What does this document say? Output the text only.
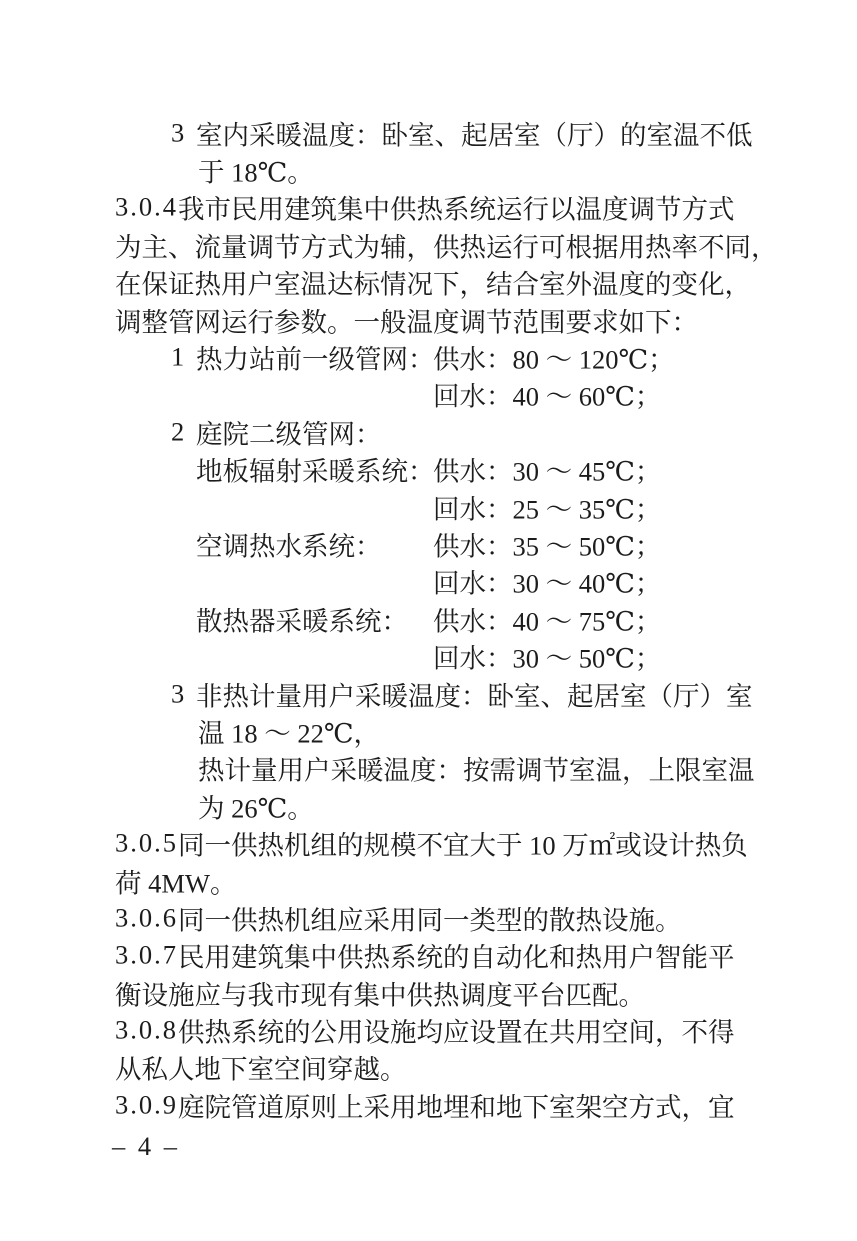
3 室内采暖温度：卧室、起居室（厅）的室温不低
于 18℃。
3.0.4 我市民用建筑集中供热系统运行以温度调节方式
为主、流量调节方式为辅，供热运行可根据用热率不同，
在保证热用户室温达标情况下，结合室外温度的变化，
调整管网运行参数。一般温度调节范围要求如下：
1 热力站前一级管网：
供水：80 ～ 120℃；
回水：40 ～ 60℃；
2 庭院二级管网：
地板辐射采暖系统：
供水：30 ～ 45℃；
回水：25 ～ 35℃；
空调热水系统： 供水：35 ～ 50℃；
回水：30 ～ 40℃；
散热器采暖系统： 供水：40 ～ 75℃；
回水：30 ～ 50℃；
3 非热计量用户采暖温度：卧室、起居室（厅）室
温 18 ～ 22℃，
热计量用户采暖温度：按需调节室温，上限室温
为 26℃。
3.0.5 同一供热机组的规模不宜大于 10 万㎡或设计热负
荷 4MW。
3.0.6 同一供热机组应采用同一类型的散热设施。
3.0.7 民用建筑集中供热系统的自动化和热用户智能平
衡设施应与我市现有集中供热调度平台匹配。
3.0.8 供热系统的公用设施均应设置在共用空间，不得
从私人地下室空间穿越。
3.0.9 庭院管道原则上采用地埋和地下室架空方式，宜
– 4 –
